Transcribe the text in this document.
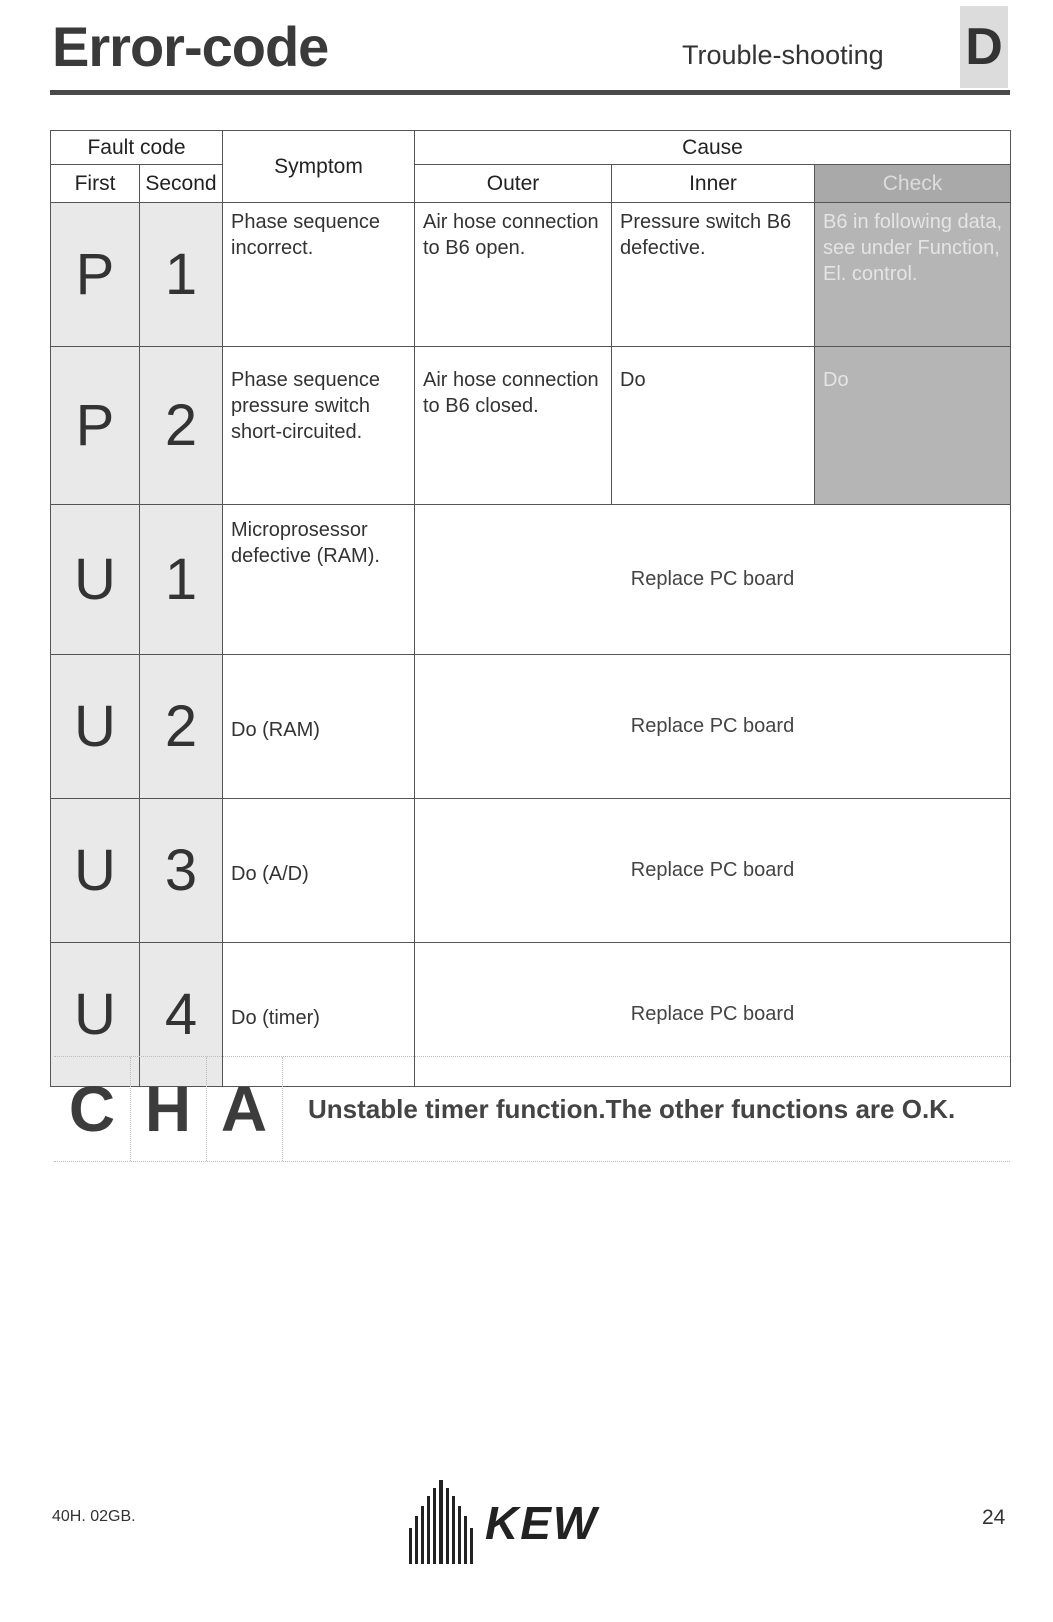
Error-code	Trouble-shooting D
Fault code		Symptom	Cause		
First	Second		Outer	Inner	Check
P	1	Phase sequence incorrect.	Air hose connection to B6 open.	Pressure switch B6 defective.	B6 in following data, see under Function, El. control.
P	2	Phase sequence pressure switch short-circuited.	Air hose connection to B6 closed.	Do	Do
U	1	Microprosessor defective (RAM).	Replace PC board		
U	2	Do (RAM)	Replace PC board		
U	3	Do (A/D)	Replace PC board		
U	4	Do (timer)	Replace PC board		
C H A	Unstable timer function.The other functions are O.K.
40H. 02GB.	KEW	24
